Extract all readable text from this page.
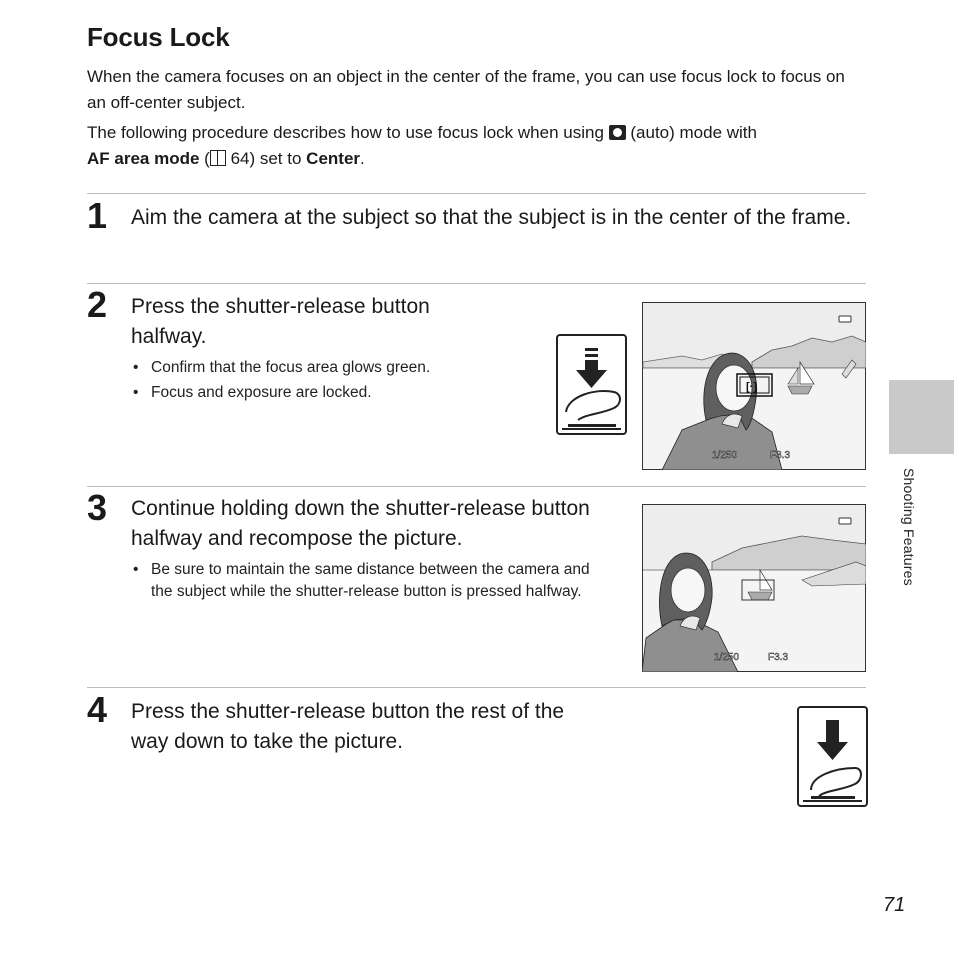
Focus Lock

When the camera focuses on an object in the center of the frame, you can use focus lock to focus on an off-center subject.

The following procedure describes how to use focus lock when using (auto) mode with
AF area mode ( 64) set to Center.

1 Aim the camera at the subject so that the subject is in the center of the frame.

2 Press the shutter-release button halfway.

• Confirm that the focus area glows green.
• Focus and exposure are locked.	[·]
1/250	F3.3
3 Continue holding down the shutter-release button halfway and recompose the picture.

• Be sure to maintain the same distance between the camera and the subject while the shutter-release button is pressed halfway.
1/250	F3.3
4 Press the shutter-release button the rest of the way down to take the picture.

Shooting Features
71
